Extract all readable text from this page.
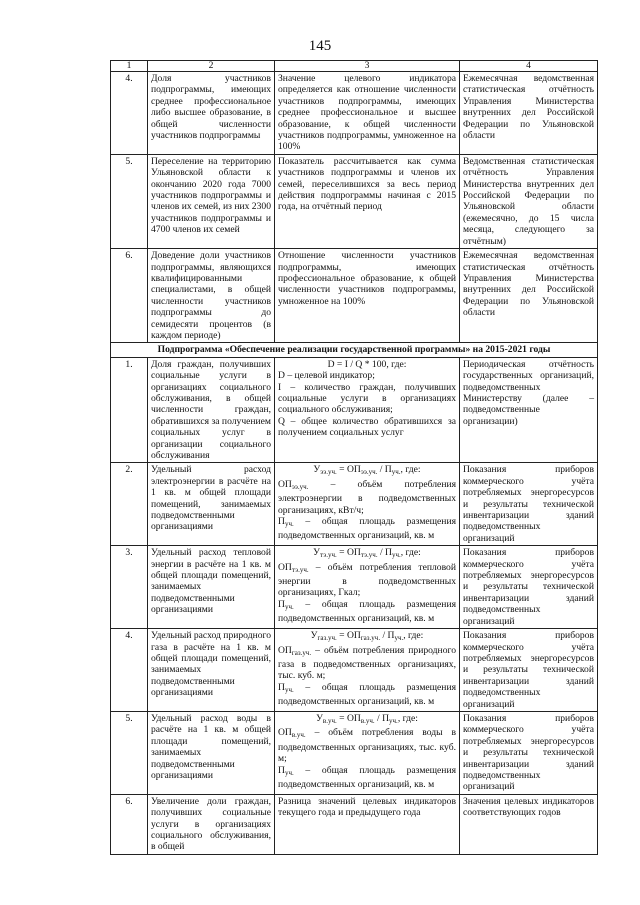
145
1	2	3	4
4.	Доля участников подпрограммы, имеющих среднее профессиональное либо высшее образование, в общей численности участников подпрограммы	Значение целевого индикатора определяется как отношение численности участников подпрограммы, имеющих среднее профессиональное и высшее образование, к общей численности участников подпрограммы, умноженное на 100%	Ежемесячная ведомственная статистическая отчётность Управления Министерства внутренних дел Российской Федерации по Ульяновской области
5.	Переселение на территорию Ульяновской области к окончанию 2020 года 7000 участников подпрограммы и членов их семей, из них 2300 участников подпрограммы и 4700 членов их семей	Показатель рассчитывается как сумма участников подпрограммы и членов их семей, переселившихся за весь период действия подпрограммы начиная с 2015 года, на отчётный период	Ведомственная статистическая отчётность Управления Министерства внутренних дел Российской Федерации по Ульяновской области (ежемесячно, до 15 числа месяца, следующего за отчётным)
6.	Доведение доли участников подпрограммы, являющихся квалифицированными специалистами, в общей численности участников подпрограммы до семидесяти процентов (в каждом периоде)	Отношение численности участников подпрограммы, имеющих профессиональное образование, к общей численности участников подпрограммы, умноженное на 100%	Ежемесячная ведомственная статистическая отчётность Управления Министерства внутренних дел Российской Федерации по Ульяновской области
Подпрограмма «Обеспечение реализации государственной программы» на 2015-2021 годы			
1.	Доля граждан, получивших социальные услуги в организациях социального обслуживания, в общей численности граждан, обратившихся за получением социальных услуг в организации социального обслуживания	D = I / Q * 100, где:
D – целевой индикатор;
I – количество граждан, получивших социальные услуги в организациях социального обслуживания;
Q – общее количество обратившихся за получением социальных услуг	Периодическая отчётность государственных организаций, подведомственных Министерству (далее – подведомственные организации)
2.	Удельный расход электроэнергии в расчёте на 1 кв. м общей площади помещений, занимаемых подведомственными организациями	$У_{ээ.уч.} = ОП_{ээ.уч.} / П_{уч.}$, где:
$ОП_{ээ.уч.}$ – объём потребления электроэнергии в подведомственных организациях, кВт/ч;
$П_{уч.}$ – общая площадь размещения подведомственных организаций, кв. м	Показания приборов коммерческого учёта потребляемых энергоресурсов и результаты технической инвентаризации зданий подведомственных организаций
3.	Удельный расход тепловой энергии в расчёте на 1 кв. м общей площади помещений, занимаемых подведомственными организациями	$У_{тэ.уч.} = ОП_{тэ.уч.} / П_{уч.}$, где:
$ОП_{тэ.уч.}$ – объём потребления тепловой энергии в подведомственных организациях, Гкал;
$П_{уч.}$ – общая площадь размещения подведомственных организаций, кв. м	Показания приборов коммерческого учёта потребляемых энергоресурсов и результаты технической инвентаризации зданий подведомственных организаций
4.	Удельный расход природного газа в расчёте на 1 кв. м общей площади помещений, занимаемых подведомственными организациями	$У_{газ.уч.} = ОП_{газ.уч.} / П_{уч.}$, где:
$ОП_{газ.уч.}$ – объём потребления природного газа в подведомственных организациях, тыс. куб. м;
$П_{уч.}$ – общая площадь размещения подведомственных организаций, кв. м	Показания приборов коммерческого учёта потребляемых энергоресурсов и результаты технической инвентаризации зданий подведомственных организаций
5.	Удельный расход воды в расчёте на 1 кв. м общей площади помещений, занимаемых подведомственными организациями	$У_{в.уч.} = ОП_{в.уч.} / П_{уч.}$, где:
$ОП_{в.уч.}$ – объём потребления воды в подведомственных организациях, тыс. куб. м;
$П_{уч.}$ – общая площадь размещения подведомственных организаций, кв. м	Показания приборов коммерческого учёта потребляемых энергоресурсов и результаты технической инвентаризации зданий подведомственных организаций
6.	Увеличение доли граждан, получивших социальные услуги в организациях социального обслуживания, в общей	Разница значений целевых индикаторов текущего года и предыдущего года	Значения целевых индикаторов соответствующих годов
